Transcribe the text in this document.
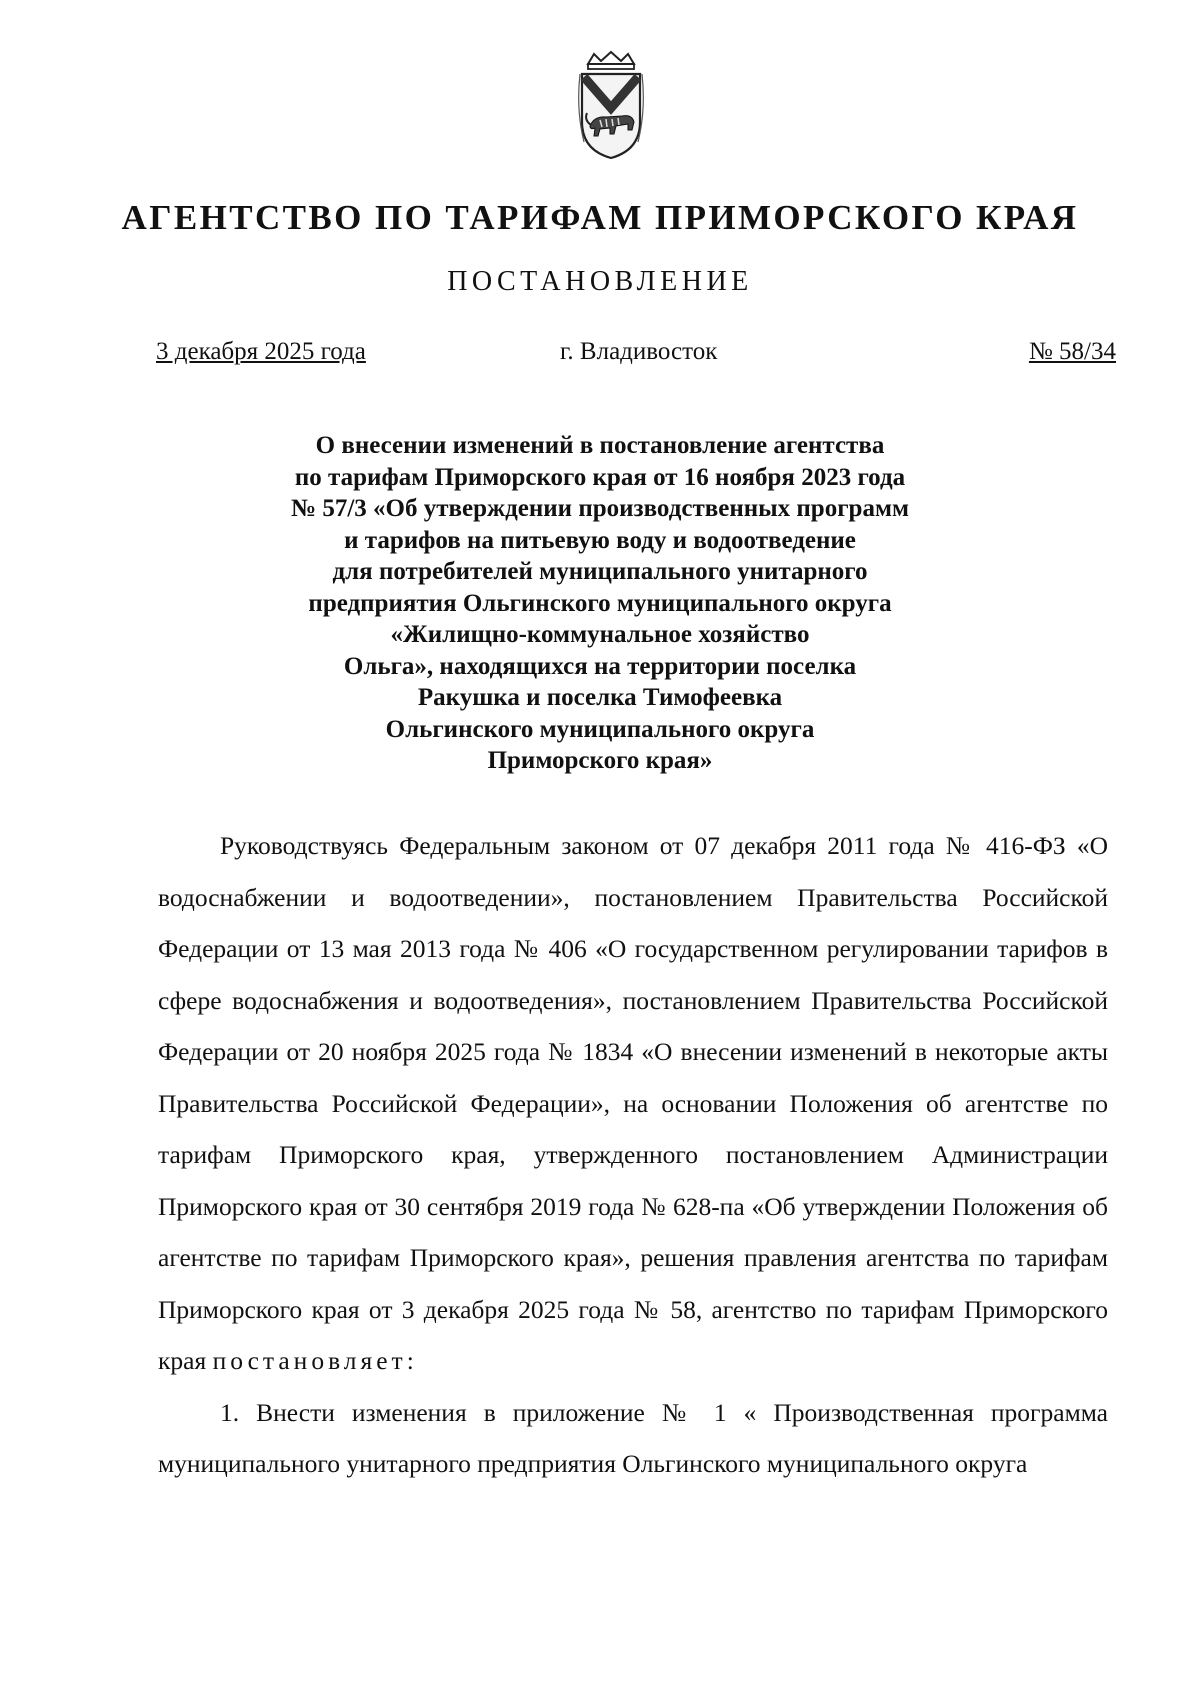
АГЕНТСТВО ПО ТАРИФАМ ПРИМОРСКОГО КРАЯ
ПОСТАНОВЛЕНИЕ
3 декабря 2025 года	г. Владивосток	№ 58/34
О внесении изменений в постановление агентства
по тарифам Приморского края от 16 ноября 2023 года
№ 57/3 «Об утверждении производственных программ
и тарифов на питьевую воду и водоотведение
для потребителей муниципального унитарного
предприятия Ольгинского муниципального округа
«Жилищно-коммунальное хозяйство
Ольга», находящихся на территории поселка
Ракушка и поселка Тимофеевка
Ольгинского муниципального округа
Приморского края»

Руководствуясь Федеральным законом от 07 декабря 2011 года № 416-ФЗ «О водоснабжении и водоотведении», постановлением Правительства Российской Федерации от 13 мая 2013 года № 406 «О государственном регулировании тарифов в сфере водоснабжения и водоотведения», постановлением Правительства Российской Федерации от 20 ноября 2025 года № 1834 «О внесении изменений в некоторые акты Правительства Российской Федерации», на основании Положения об агентстве по тарифам Приморского края, утвержденного постановлением Администрации Приморского края от 30 сентября 2019 года № 628-па «Об утверждении Положения об агентстве по тарифам Приморского края», решения правления агентства по тарифам Приморского края от 3 декабря 2025 года № 58, агентство по тарифам Приморского края постановляет:

1. Внести изменения в приложение № 1 « Производственная программа муниципального унитарного предприятия Ольгинского муниципального округа
